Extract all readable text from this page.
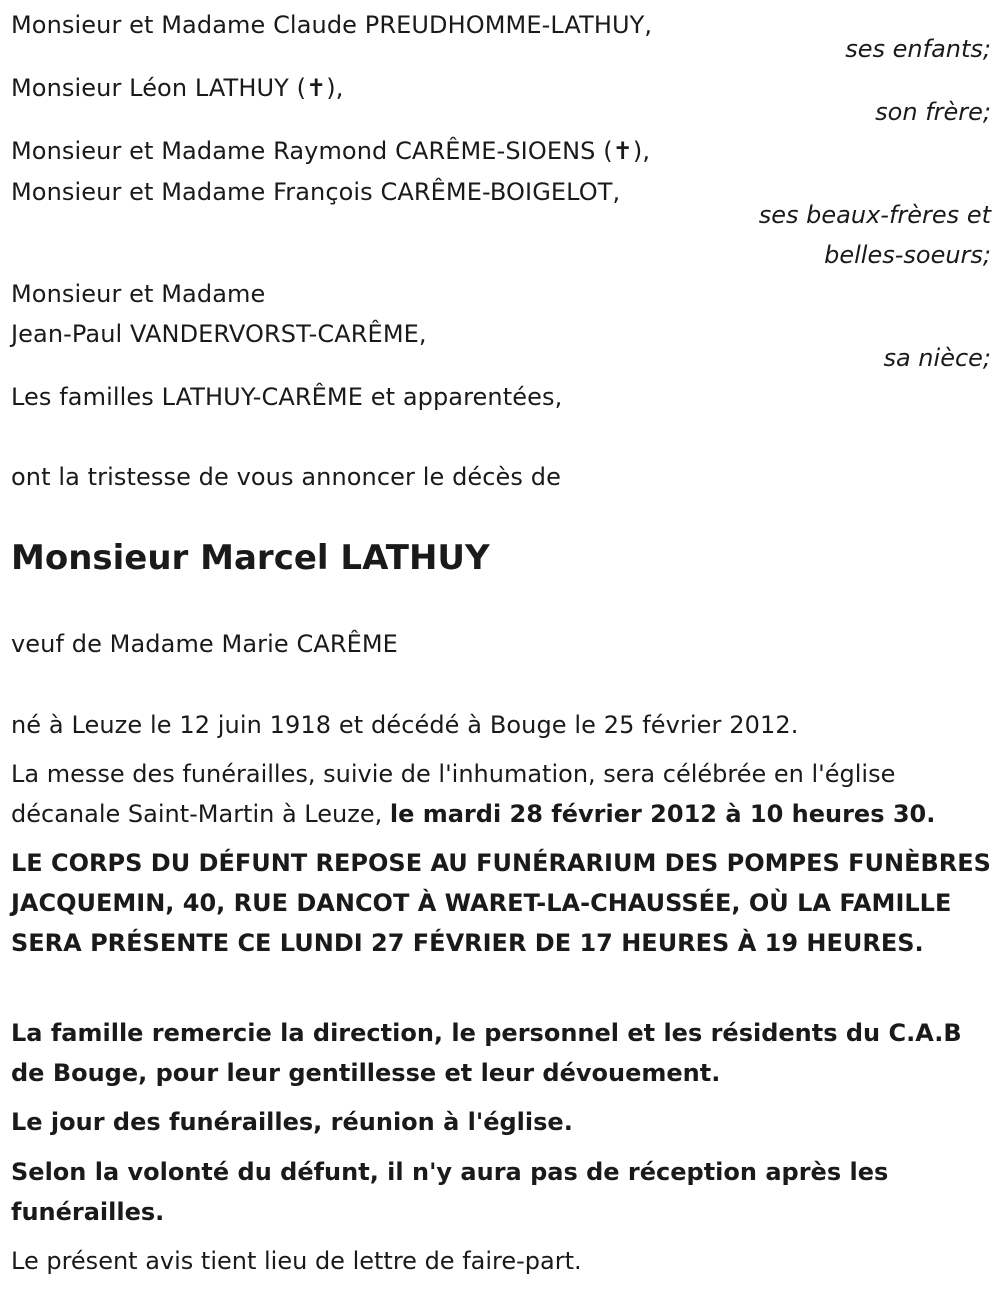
Monsieur et Madame Claude PREUDHOMME-LATHUY,
ses enfants;
Monsieur Léon LATHUY (✝),
son frère;
Monsieur et Madame Raymond CARÊME-SIOENS (✝),
Monsieur et Madame François CARÊME-BOIGELOT,
ses beaux-frères et
belles-soeurs;
Monsieur et Madame
Jean-Paul VANDERVORST-CARÊME,
sa nièce;
Les familles LATHUY-CARÊME et apparentées,
ont la tristesse de vous annoncer le décès de
Monsieur Marcel LATHUY
veuf de Madame Marie CARÊME
né à Leuze le 12 juin 1918 et décédé à Bouge le 25 février 2012.
La messe des funérailles, suivie de l'inhumation, sera célébrée en l'église décanale Saint-Martin à Leuze, le mardi 28 février 2012 à 10 heures 30.
LE CORPS DU DÉFUNT REPOSE AU FUNÉRARIUM DES POMPES FUNÈBRES JACQUEMIN, 40, RUE DANCOT À WARET-LA-CHAUSSÉE, OÙ LA FAMILLE SERA PRÉSENTE CE LUNDI 27 FÉVRIER DE 17 HEURES À 19 HEURES.
La famille remercie la direction, le personnel et les résidents du C.A.B de Bouge, pour leur gentillesse et leur dévouement.
Le jour des funérailles, réunion à l'église.
Selon la volonté du défunt, il n'y aura pas de réception après les funérailles.
Le présent avis tient lieu de lettre de faire-part.
